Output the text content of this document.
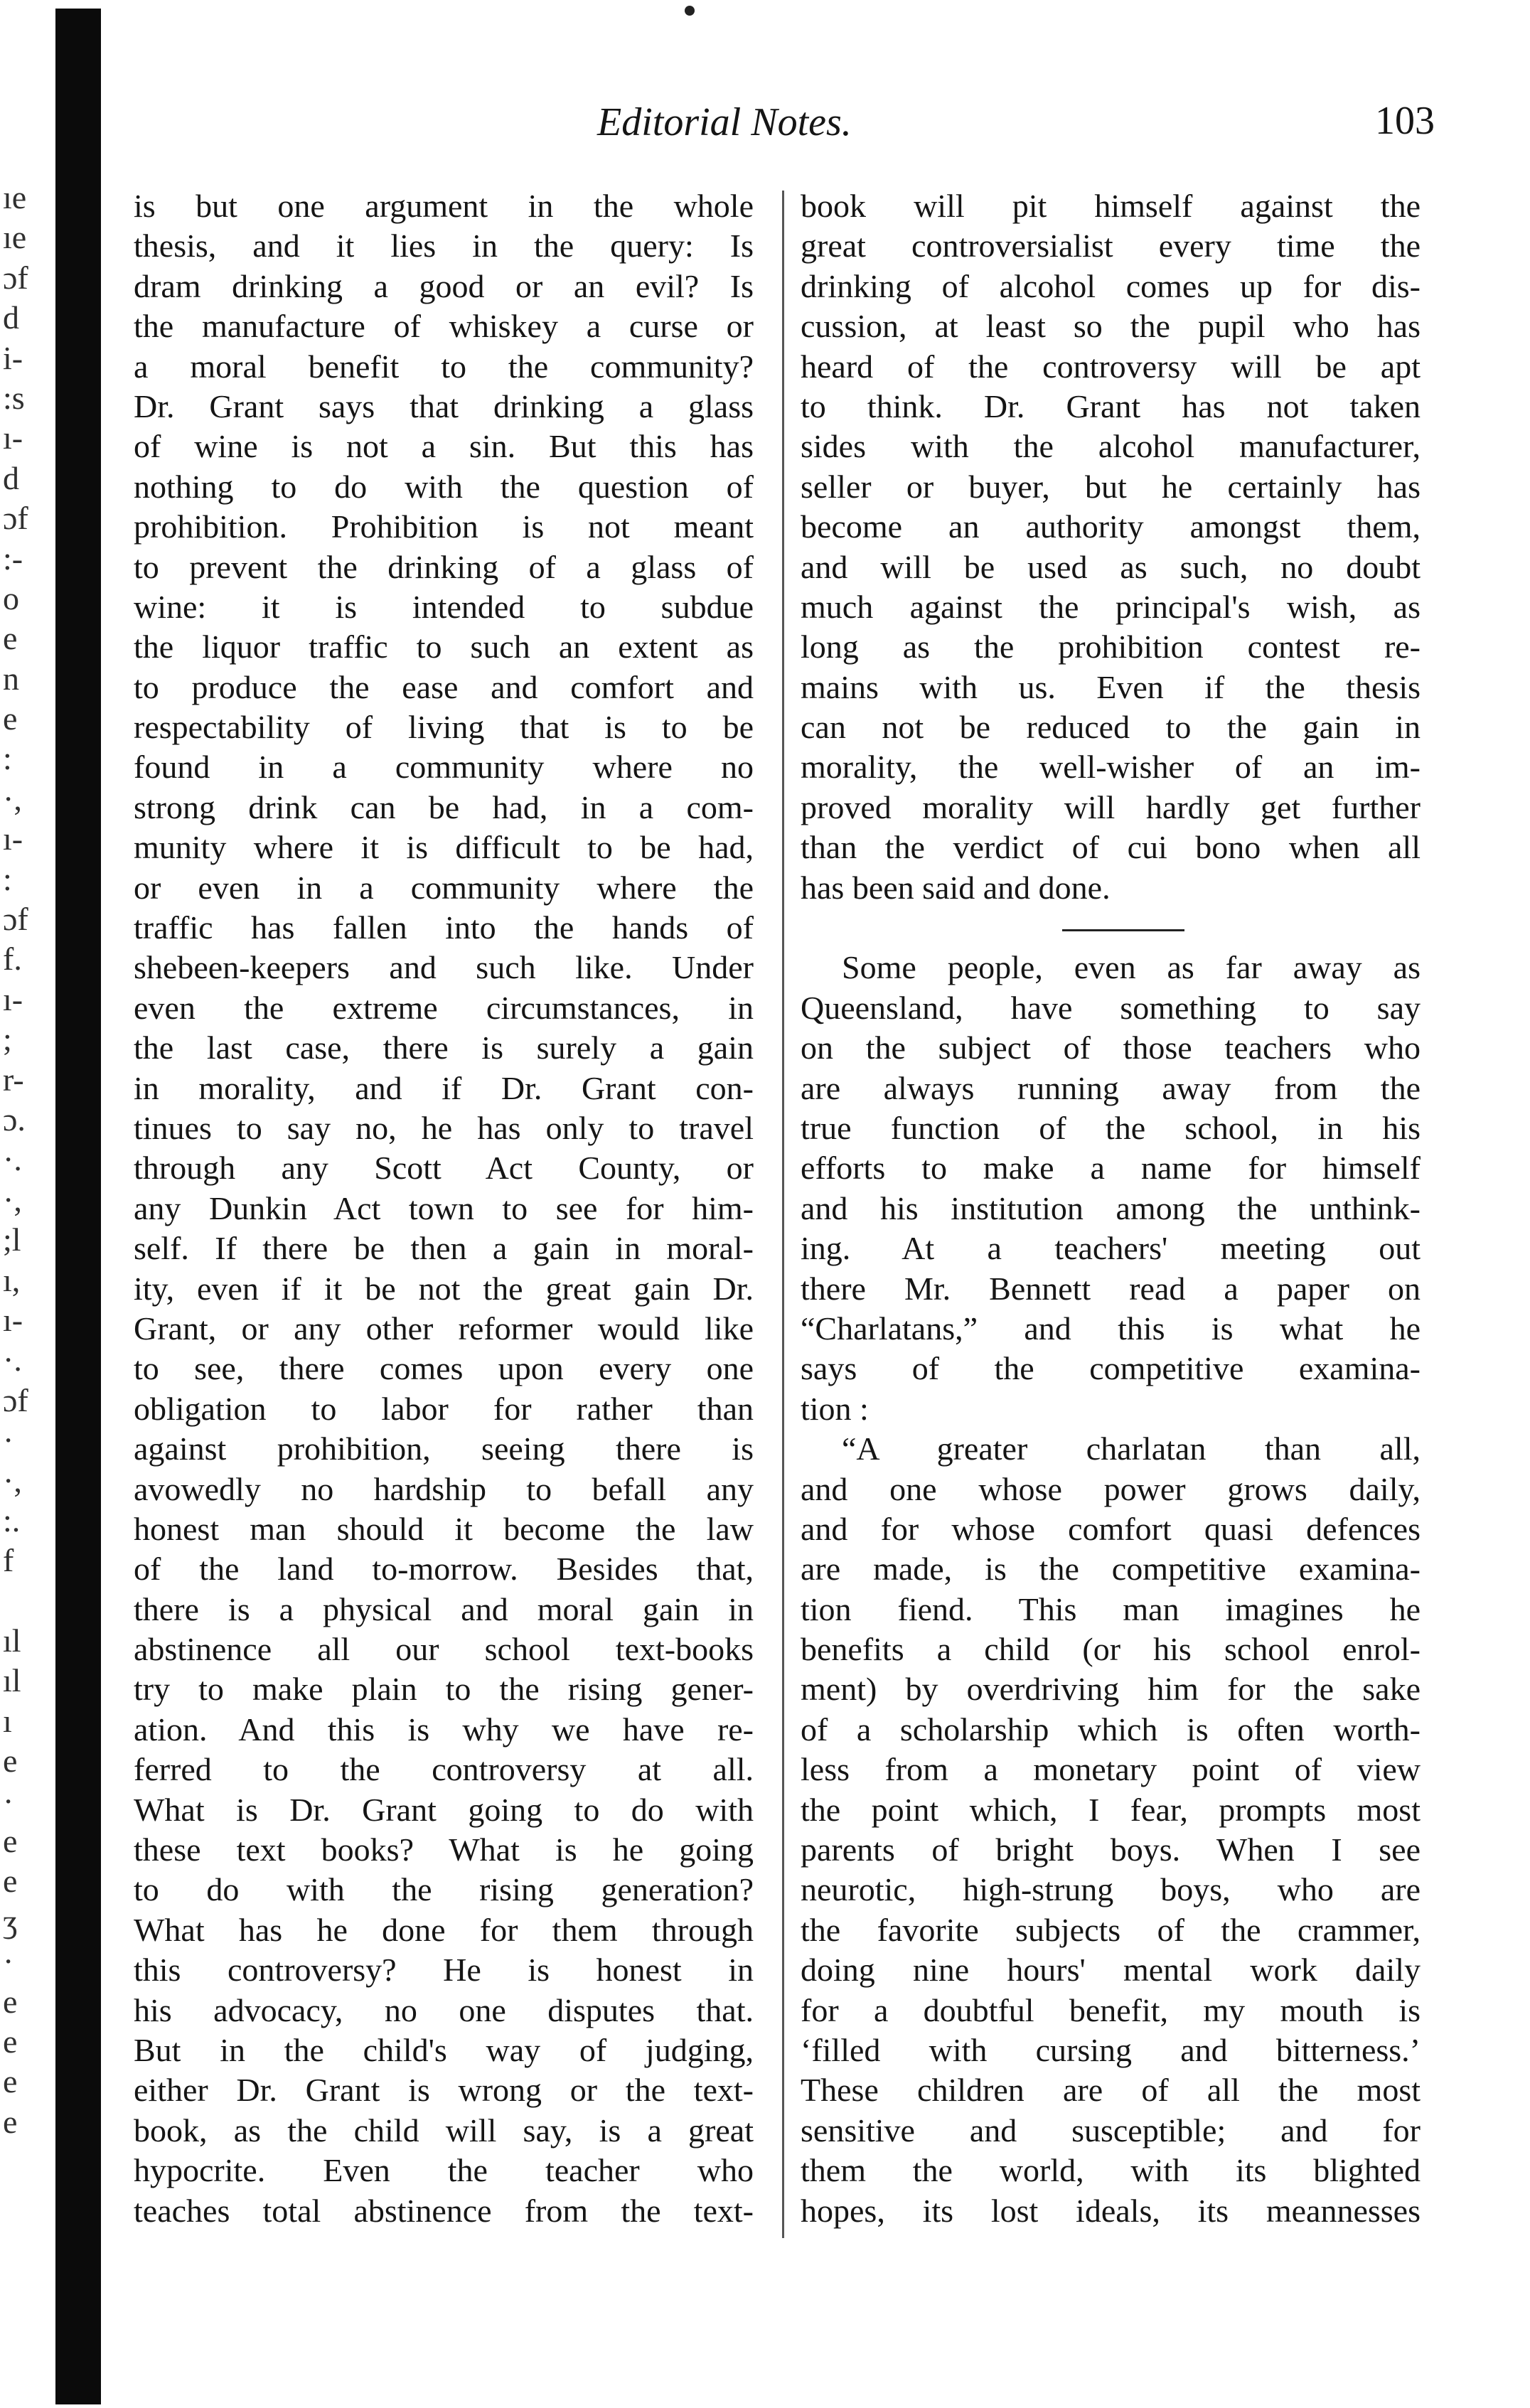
ıe
ıe
ɔf
d
i-
:s
ı-
d
ɔf
:-
o
e
n
e
:
·,
ı-
:
ɔf
f.
ı-
;
r-
ɔ.
·.
·,
;l
ı,
ı-
·.
ɔf
·
·,
:.
f
ıl
ıl
ı
e
·
e
e
ʒ
·
e
e
e
e
Editorial Notes.	103
is but one argument in the whole
thesis, and it lies in the query: Is
dram drinking a good or an evil? Is
the manufacture of whiskey a curse or
a moral benefit to the community?
Dr. Grant says that drinking a glass
of wine is not a sin. But this has
nothing to do with the question of
prohibition. Prohibition is not meant
to prevent the drinking of a glass of
wine: it is intended to subdue
the liquor traffic to such an extent as
to produce the ease and comfort and
respectability of living that is to be
found in a community where no
strong drink can be had, in a com-
munity where it is difficult to be had,
or even in a community where the
traffic has fallen into the hands of
shebeen-keepers and such like. Under
even the extreme circumstances, in
the last case, there is surely a gain
in morality, and if Dr. Grant con-
tinues to say no, he has only to travel
through any Scott Act County, or
any Dunkin Act town to see for him-
self. If there be then a gain in moral-
ity, even if it be not the great gain Dr.
Grant, or any other reformer would like
to see, there comes upon every one
obligation to labor for rather than
against prohibition, seeing there is
avowedly no hardship to befall any
honest man should it become the law
of the land to-morrow. Besides that,
there is a physical and moral gain in
abstinence all our school text-books
try to make plain to the rising gener-
ation. And this is why we have re-
ferred to the controversy at all.
What is Dr. Grant going to do with
these text books? What is he going
to do with the rising generation?
What has he done for them through
this controversy? He is honest in
his advocacy, no one disputes that.
But in the child's way of judging,
either Dr. Grant is wrong or the text-
book, as the child will say, is a great
hypocrite. Even the teacher who
teaches total abstinence from the text-
book will pit himself against the
great controversialist every time the
drinking of alcohol comes up for dis-
cussion, at least so the pupil who has
heard of the controversy will be apt
to think. Dr. Grant has not taken
sides with the alcohol manufacturer,
seller or buyer, but he certainly has
become an authority amongst them,
and will be used as such, no doubt
much against the principal's wish, as
long as the prohibition contest re-
mains with us. Even if the thesis
can not be reduced to the gain in
morality, the well-wisher of an im-
proved morality will hardly get further
than the verdict of cui bono when all
has been said and done.
Some people, even as far away as
Queensland, have something to say
on the subject of those teachers who
are always running away from the
true function of the school, in his
efforts to make a name for himself
and his institution among the unthink-
ing. At a teachers' meeting out
there Mr. Bennett read a paper on
“Charlatans,” and this is what he
says of the competitive examina-
tion :
“A greater charlatan than all,
and one whose power grows daily,
and for whose comfort quasi defences
are made, is the competitive examina-
tion fiend. This man imagines he
benefits a child (or his school enrol-
ment) by overdriving him for the sake
of a scholarship which is often worth-
less from a monetary point of view
the point which, I fear, prompts most
parents of bright boys. When I see
neurotic, high-strung boys, who are
the favorite subjects of the crammer,
doing nine hours' mental work daily
for a doubtful benefit, my mouth is
‘filled with cursing and bitterness.’
These children are of all the most
sensitive and susceptible; and for
them the world, with its blighted
hopes, its lost ideals, its meannesses
